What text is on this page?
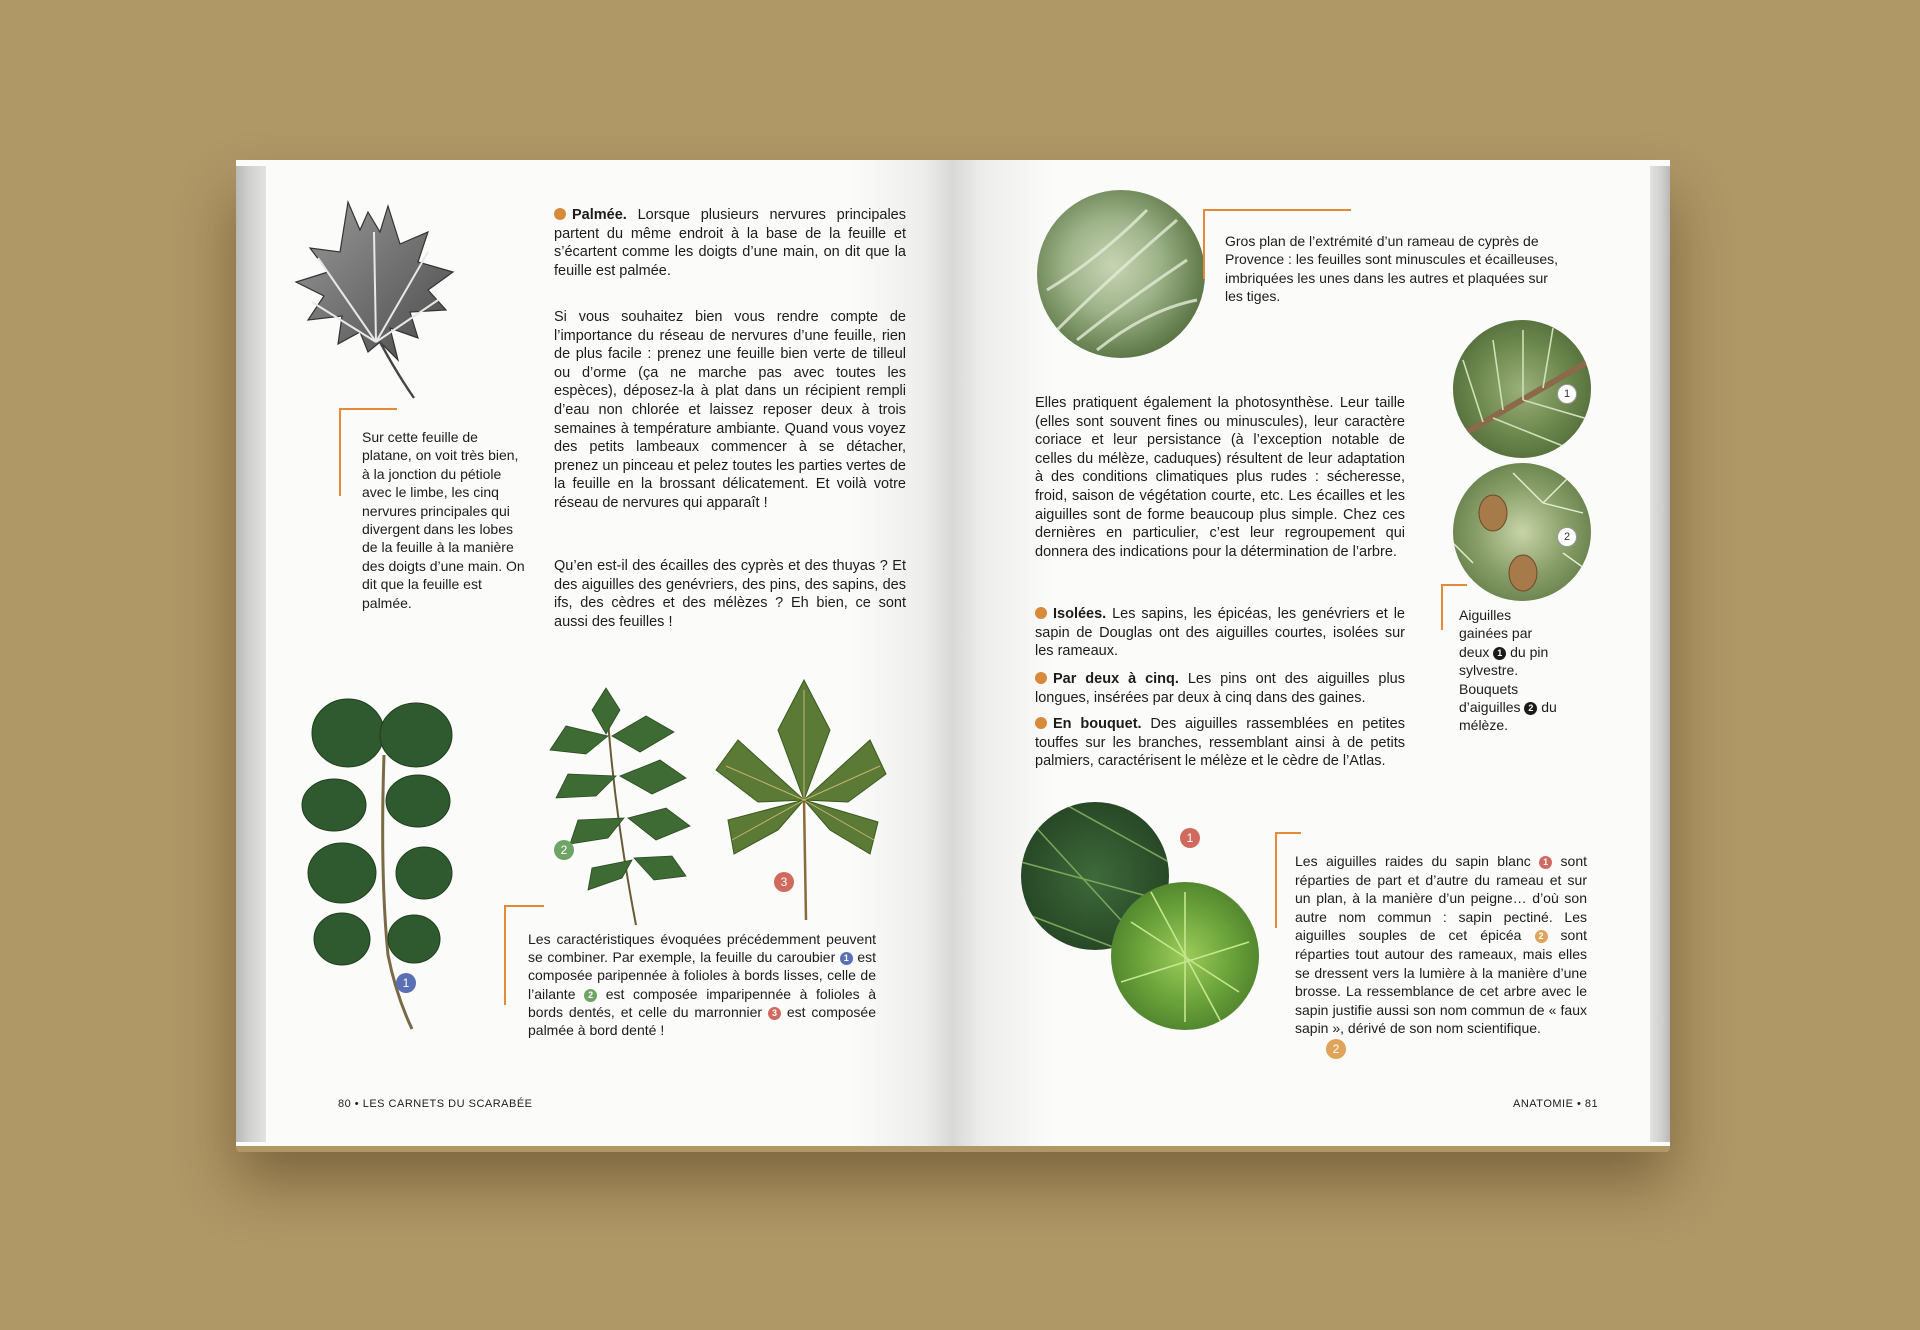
Sur cette feuille de platane, on voit très bien, à la jonction du pétiole avec le limbe, les cinq nervures principales qui divergent dans les lobes de la feuille à la manière des doigts d’une main. On dit que la feuille est palmée.

Palmée. Lorsque plusieurs nervures principales partent du même endroit à la base de la feuille et s’écartent comme les doigts d’une main, on dit que la feuille est palmée.

Si vous souhaitez bien vous rendre compte de l’importance du réseau de nervures d’une feuille, rien de plus facile : prenez une feuille bien verte de tilleul ou d’orme (ça ne marche pas avec toutes les espèces), déposez-la à plat dans un récipient rempli d’eau non chlorée et laissez reposer deux à trois semaines à température ambiante. Quand vous voyez des petits lambeaux commencer à se détacher, prenez un pinceau et pelez toutes les parties vertes de la feuille en la brossant délicatement. Et voilà votre réseau de nervures qui apparaît !

Qu’en est-il des écailles des cyprès et des thuyas ? Et des aiguilles des genévriers, des pins, des sapins, des ifs, des cèdres et des mélèzes ? Eh bien, ce sont aussi des feuilles !

1
2
3

Les caractéristiques évoquées précédemment peuvent se combiner. Par exemple, la feuille du caroubier 1 est composée paripennée à folioles à bords lisses, celle de l’ailante 2 est composée imparipennée à folioles à bords dentés, et celle du marronnier 3 est composée palmée à bord denté !

80 • LES CARNETS DU SCARABÉE

Gros plan de l’extrémité d’un rameau de cyprès de Provence : les feuilles sont minuscules et écailleuses, imbriquées les unes dans les autres et plaquées sur les tiges.

1
2

Aiguilles gainées par deux 1 du pin sylvestre. Bouquets d’aiguilles 2 du mélèze.

Elles pratiquent également la photosynthèse. Leur taille (elles sont souvent fines ou minuscules), leur caractère coriace et leur persistance (à l’exception notable de celles du mélèze, caduques) résultent de leur adaptation à des conditions climatiques plus rudes : sécheresse, froid, saison de végétation courte, etc. Les écailles et les aiguilles sont de forme beaucoup plus simple. Chez ces dernières en particulier, c’est leur regroupement qui donnera des indications pour la détermination de l’arbre.

Isolées. Les sapins, les épicéas, les genévriers et le sapin de Douglas ont des aiguilles courtes, isolées sur les rameaux.

Par deux à cinq. Les pins ont des aiguilles plus longues, insérées par deux à cinq dans des gaines.

En bouquet. Des aiguilles rassemblées en petites touffes sur les branches, ressemblant ainsi à de petits palmiers, caractérisent le mélèze et le cèdre de l’Atlas.

1
2

Les aiguilles raides du sapin blanc 1 sont réparties de part et d’autre du rameau et sur un plan, à la manière d’un peigne… d’où son autre nom commun : sapin pectiné. Les aiguilles souples de cet épicéa 2 sont réparties tout autour des rameaux, mais elles se dressent vers la lumière à la manière d’une brosse. La ressemblance de cet arbre avec le sapin justifie aussi son nom commun de « faux sapin », dérivé de son nom scientifique.

ANATOMIE • 81
